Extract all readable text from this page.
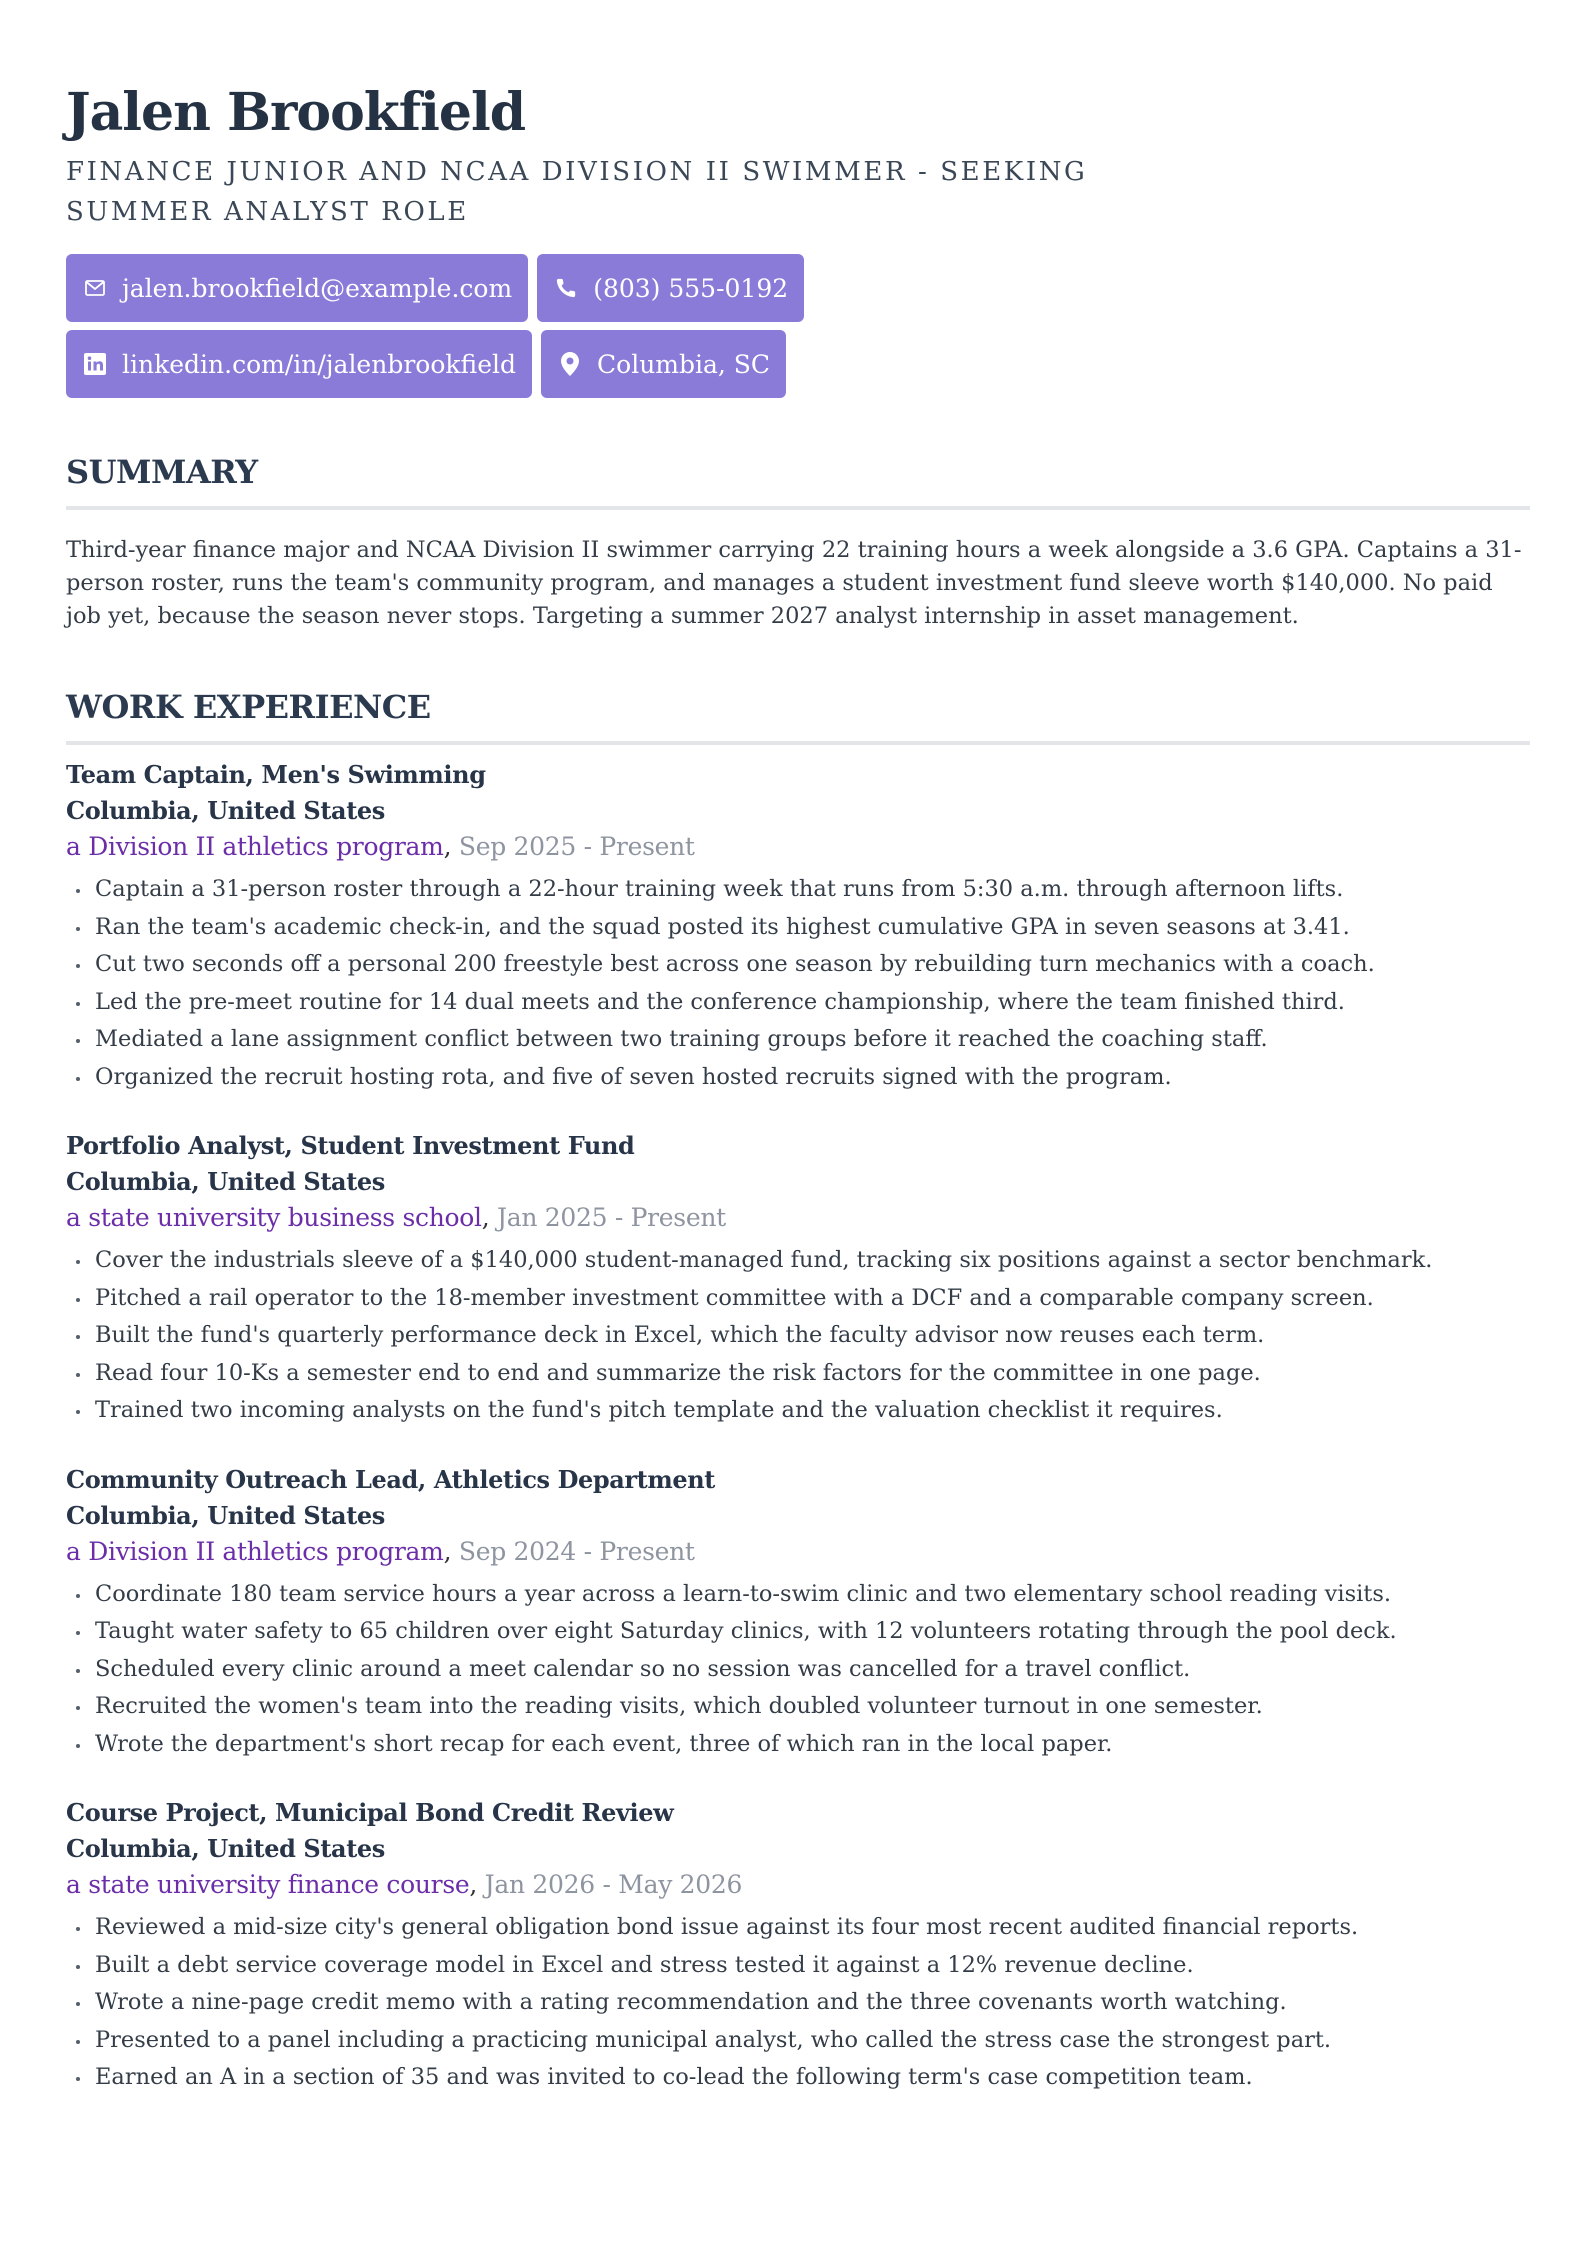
Jalen Brookfield
FINANCE JUNIOR AND NCAA DIVISION II SWIMMER - SEEKING SUMMER ANALYST ROLE
jalen.brookfield@example.com	(803) 555-0192
linkedin.com/in/jalenbrookfield	Columbia, SC
SUMMARY
Third-year finance major and NCAA Division II swimmer carrying 22 training hours a week alongside a 3.6 GPA. Captains a 31-person roster, runs the team's community program, and manages a student investment fund sleeve worth $140,000. No paid job yet, because the season never stops. Targeting a summer 2027 analyst internship in asset management.
WORK EXPERIENCE
Team Captain, Men's Swimming
Columbia, United States
a Division II athletics program, Sep 2025 - Present
Captain a 31-person roster through a 22-hour training week that runs from 5:30 a.m. through afternoon lifts.
Ran the team's academic check-in, and the squad posted its highest cumulative GPA in seven seasons at 3.41.
Cut two seconds off a personal 200 freestyle best across one season by rebuilding turn mechanics with a coach.
Led the pre-meet routine for 14 dual meets and the conference championship, where the team finished third.
Mediated a lane assignment conflict between two training groups before it reached the coaching staff.
Organized the recruit hosting rota, and five of seven hosted recruits signed with the program.
Portfolio Analyst, Student Investment Fund
Columbia, United States
a state university business school, Jan 2025 - Present
Cover the industrials sleeve of a $140,000 student-managed fund, tracking six positions against a sector benchmark.
Pitched a rail operator to the 18-member investment committee with a DCF and a comparable company screen.
Built the fund's quarterly performance deck in Excel, which the faculty advisor now reuses each term.
Read four 10-Ks a semester end to end and summarize the risk factors for the committee in one page.
Trained two incoming analysts on the fund's pitch template and the valuation checklist it requires.
Community Outreach Lead, Athletics Department
Columbia, United States
a Division II athletics program, Sep 2024 - Present
Coordinate 180 team service hours a year across a learn-to-swim clinic and two elementary school reading visits.
Taught water safety to 65 children over eight Saturday clinics, with 12 volunteers rotating through the pool deck.
Scheduled every clinic around a meet calendar so no session was cancelled for a travel conflict.
Recruited the women's team into the reading visits, which doubled volunteer turnout in one semester.
Wrote the department's short recap for each event, three of which ran in the local paper.
Course Project, Municipal Bond Credit Review
Columbia, United States
a state university finance course, Jan 2026 - May 2026
Reviewed a mid-size city's general obligation bond issue against its four most recent audited financial reports.
Built a debt service coverage model in Excel and stress tested it against a 12% revenue decline.
Wrote a nine-page credit memo with a rating recommendation and the three covenants worth watching.
Presented to a panel including a practicing municipal analyst, who called the stress case the strongest part.
Earned an A in a section of 35 and was invited to co-lead the following term's case competition team.
